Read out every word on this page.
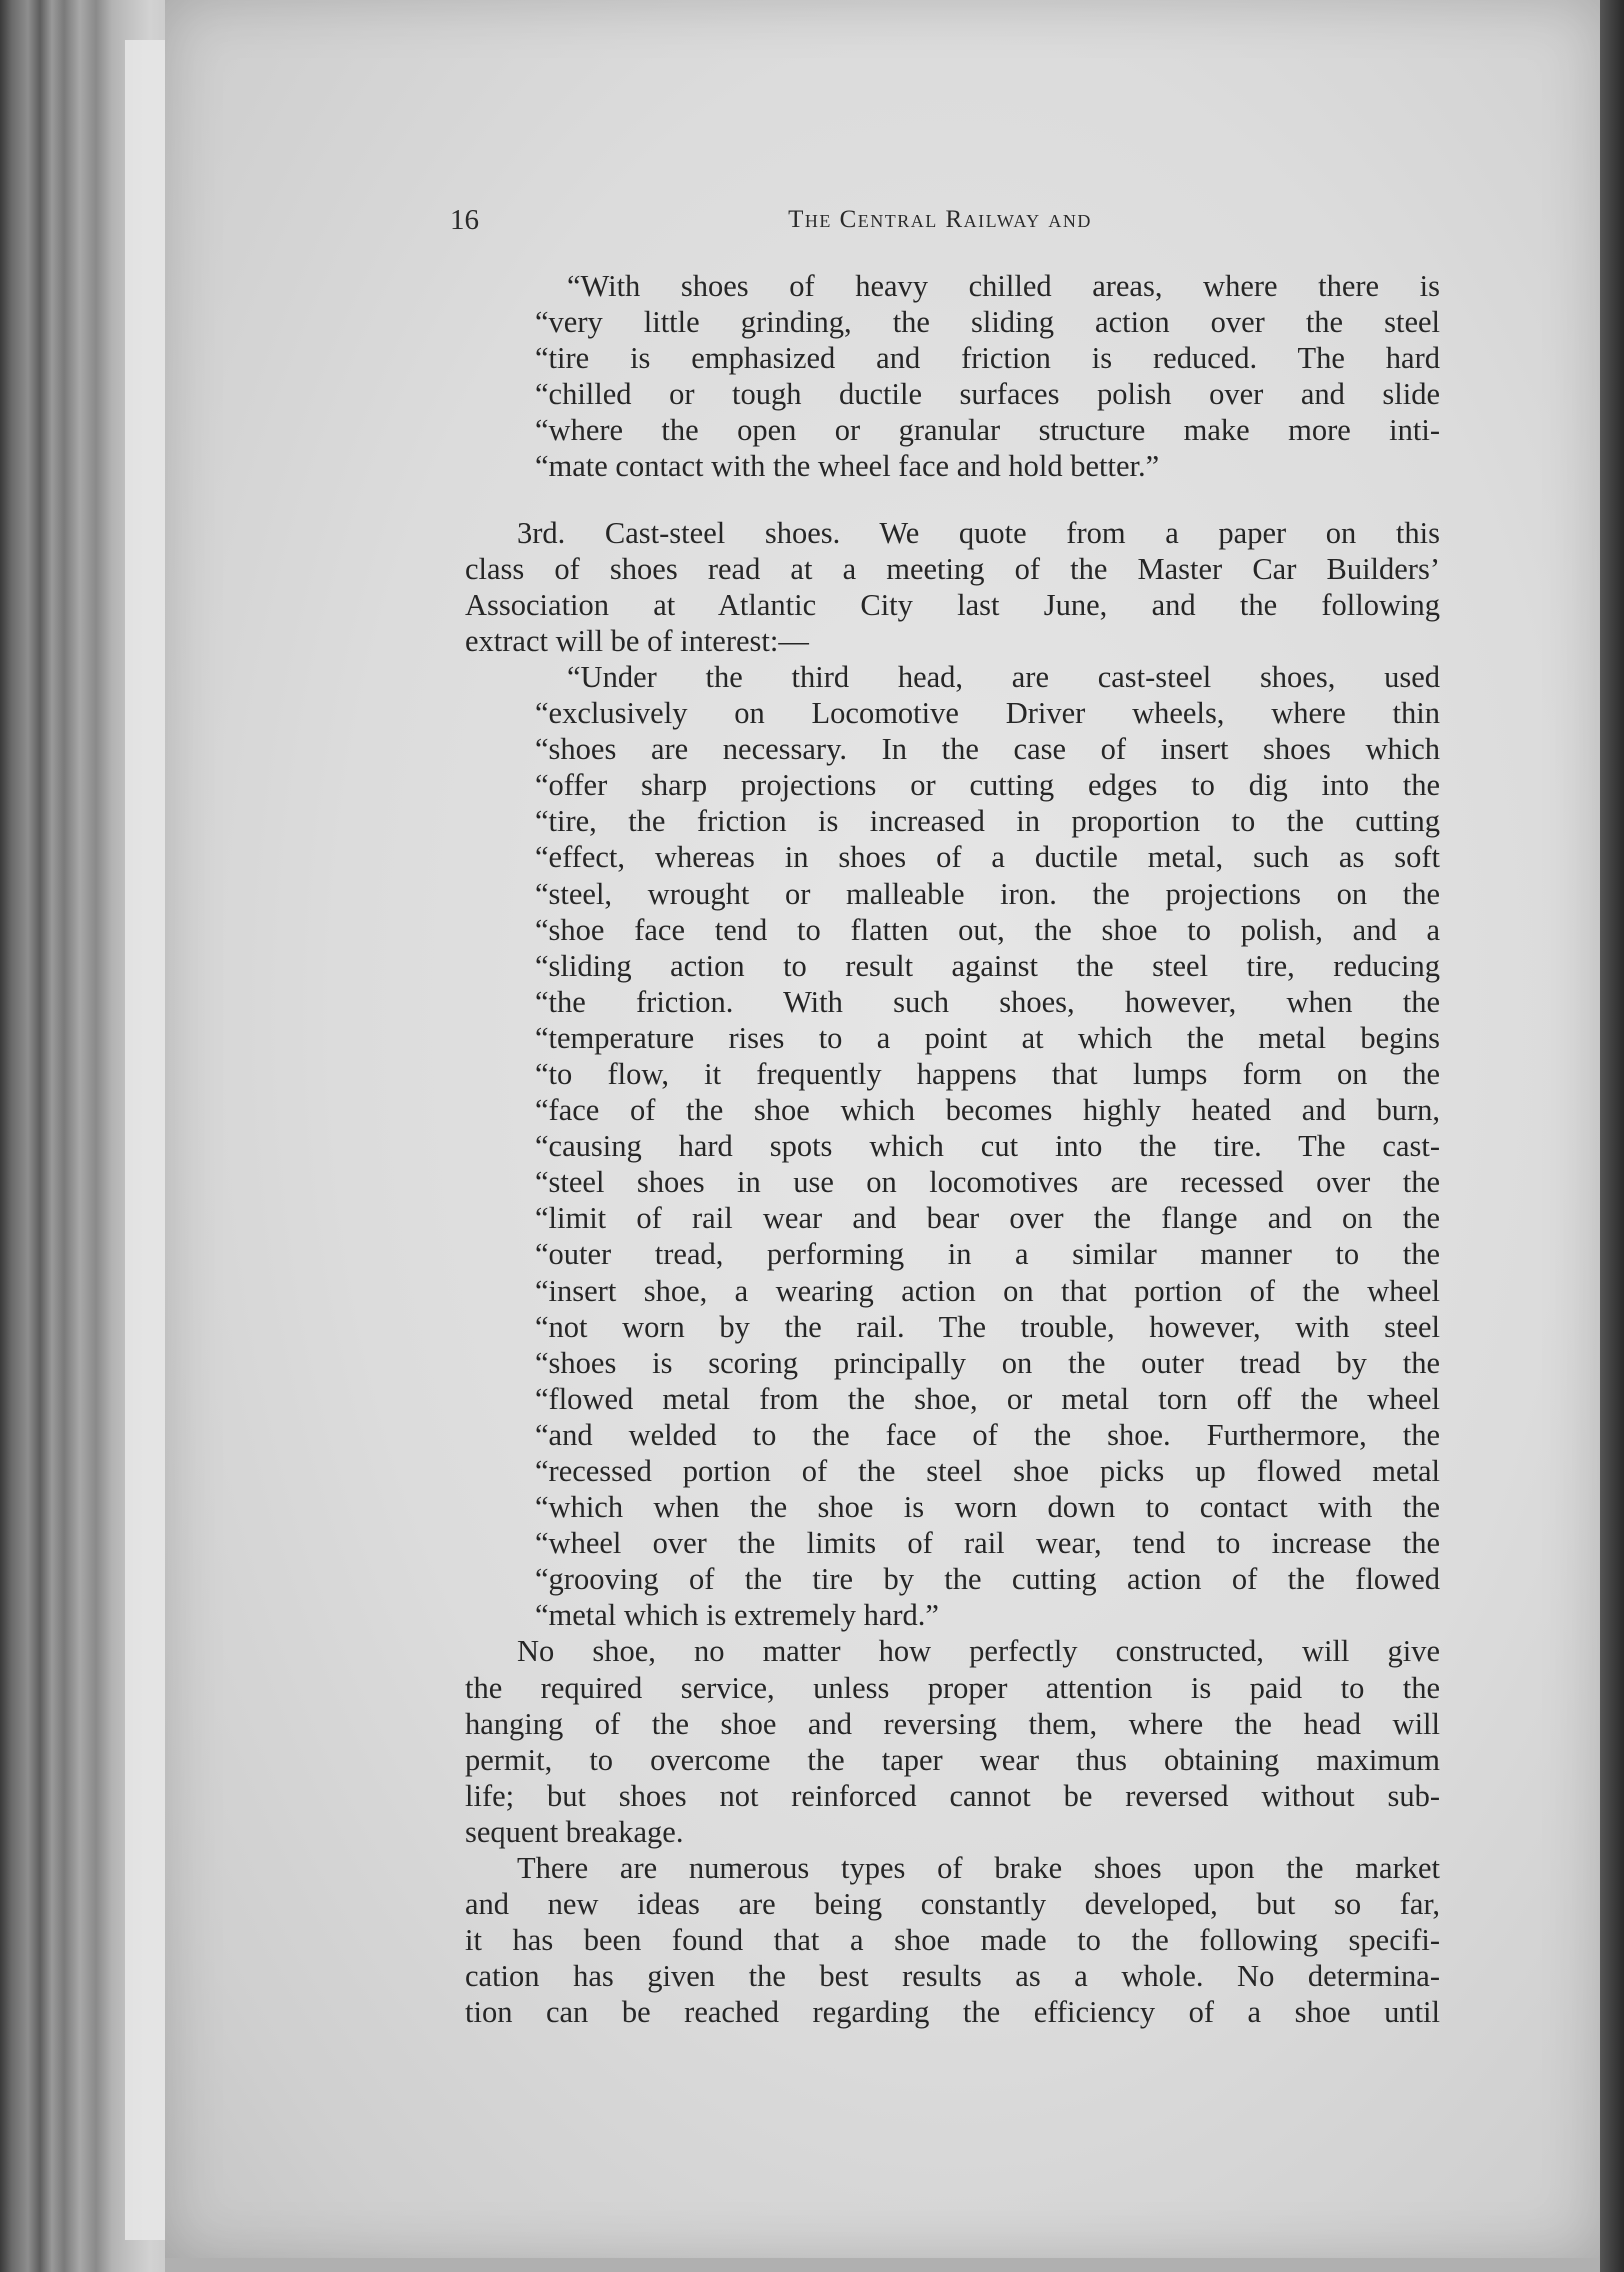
16	The Central Railway and
“With shoes of heavy chilled areas, where there is
“very little grinding, the sliding action over the steel
“tire is emphasized and friction is reduced. The hard
“chilled or tough ductile surfaces polish over and slide
“where the open or granular structure make more inti-
“mate contact with the wheel face and hold better.”
3rd. Cast-steel shoes. We quote from a paper on this
class of shoes read at a meeting of the Master Car Builders’
Association at Atlantic City last June, and the following
extract will be of interest:—
“Under the third head, are cast-steel shoes, used
“exclusively on Locomotive Driver wheels, where thin
“shoes are necessary. In the case of insert shoes which
“offer sharp projections or cutting edges to dig into the
“tire, the friction is increased in proportion to the cutting
“effect, whereas in shoes of a ductile metal, such as soft
“steel, wrought or malleable iron. the projections on the
“shoe face tend to flatten out, the shoe to polish, and a
“sliding action to result against the steel tire, reducing
“the friction. With such shoes, however, when the
“temperature rises to a point at which the metal begins
“to flow, it frequently happens that lumps form on the
“face of the shoe which becomes highly heated and burn,
“causing hard spots which cut into the tire. The cast-
“steel shoes in use on locomotives are recessed over the
“limit of rail wear and bear over the flange and on the
“outer tread, performing in a similar manner to the
“insert shoe, a wearing action on that portion of the wheel
“not worn by the rail. The trouble, however, with steel
“shoes is scoring principally on the outer tread by the
“flowed metal from the shoe, or metal torn off the wheel
“and welded to the face of the shoe. Furthermore, the
“recessed portion of the steel shoe picks up flowed metal
“which when the shoe is worn down to contact with the
“wheel over the limits of rail wear, tend to increase the
“grooving of the tire by the cutting action of the flowed
“metal which is extremely hard.”
No shoe, no matter how perfectly constructed, will give
the required service, unless proper attention is paid to the
hanging of the shoe and reversing them, where the head will
permit, to overcome the taper wear thus obtaining maximum
life; but shoes not reinforced cannot be reversed without sub-
sequent breakage.
There are numerous types of brake shoes upon the market
and new ideas are being constantly developed, but so far,
it has been found that a shoe made to the following specifi-
cation has given the best results as a whole. No determina-
tion can be reached regarding the efficiency of a shoe until
